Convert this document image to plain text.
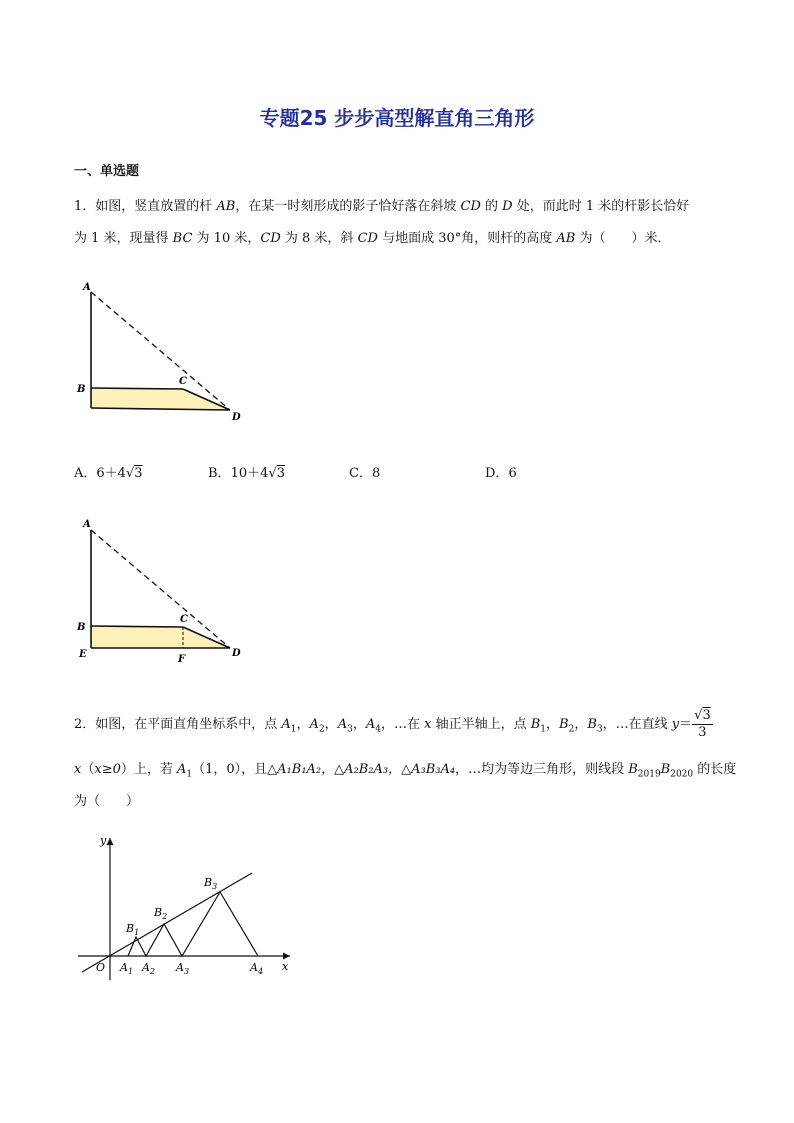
专题25 步步高型解直角三角形
一、单选题
1．如图，竖直放置的杆 AB，在某一时刻形成的影子恰好落在斜坡 CD 的 D 处，而此时 1 米的杆影长恰好
为 1 米，现量得 BC 为 10 米，CD 为 8 米，斜 CD 与地面成 30°角，则杆的高度 AB 为（　　）米．
A
B
C
D
A．6＋4√3	B．10＋4√3	C．8	D．6
A
B
C
D
E	F
2．如图，在平面直角坐标系中，点 $A_1$，$A_2$，$A_3$，$A_4$，…在 x 轴正半轴上，点 $B_1$，$B_2$，$B_3$，…在直线 $y= \frac{√3}{3}$
x（x≥0）上，若 $A_1(1$，0），且△A₁B₁A₂，△A₂B₂A₃，△A₃B₃A₄，…均为等边三角形，则线段 $B_{2019}B_{2020}$ 的长度
为（　　）
y
x
O $A_1$ $A_2$ $A_3$	$A_4$
$B_1$
$B_2$
$B_3$
